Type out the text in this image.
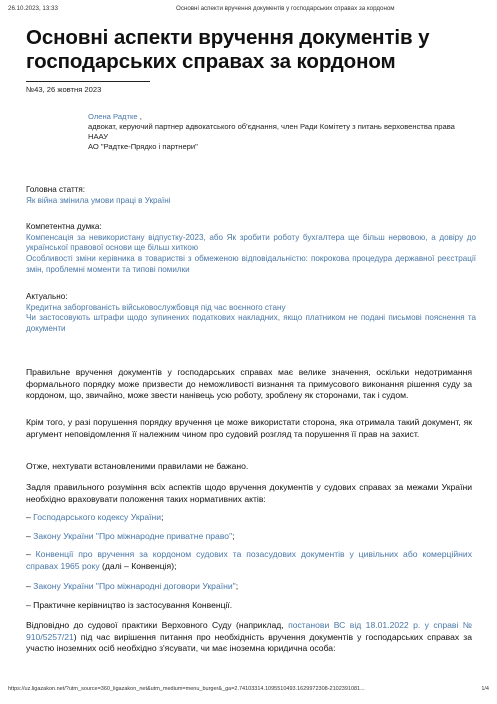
26.10.2023, 13:33	Основні аспекти вручення документів у господарських справах за кордоном
Основні аспекти вручення документів у господарських справах за кордоном
№43, 26 жовтня 2023
Олена Радтке ,
адвокат, керуючий партнер адвокатського об'єднання, член Ради Комітету з питань верховенства права НААУ
АО "Радтке-Прядко і партнери"
Головна стаття:
Як війна змінила умови праці в Україні
Компетентна думка:
Компенсація за невикористану відпустку-2023, або Як зробити роботу бухгалтера ще більш нервовою, а довіру до української правової основи ще більш хиткою
Особливості зміни керівника в товаристві з обмеженою відповідальністю: покрокова процедура державної реєстрації змін, проблемні моменти та типові помилки
Актуально:
Кредитна заборгованість військовослужбовця під час воєнного стану
Чи застосовують штрафи щодо зупинених податкових накладних, якщо платником не подані письмові пояснення та документи

Правильне вручення документів у господарських справах має велике значення, оскільки недотримання формального порядку може призвести до неможливості визнання та примусового виконання рішення суду за кордоном, що, звичайно, може звести нанівець усю роботу, зроблену як сторонами, так і судом.

Крім того, у разі порушення порядку вручення це може використати сторона, яка отримала такий документ, як аргумент неповідомлення її належним чином про судовий розгляд та порушення її прав на захист.

Отже, нехтувати встановленими правилами не бажано.

Задля правильного розуміння всіх аспектів щодо вручення документів у судових справах за межами України необхідно враховувати положення таких нормативних актів:

– Господарського кодексу України;

– Закону України "Про міжнародне приватне право";

– Конвенції про вручення за кордоном судових та позасудових документів у цивільних або комерційних справах 1965 року (далі – Конвенція);

– Закону України "Про міжнародні договори України";

– Практичне керівництво із застосування Конвенції.

Відповідно до судової практики Верховного Суду (наприклад, постанови ВС від 18.01.2022 р. у справі № 910/5257/21) під час вирішення питання про необхідність вручення документів у господарських справах за участю іноземних осіб необхідно з'ясувати, чи має іноземна юридична особа:

https://uz.ligazakon.net/?utm_source=360_ligazakon_net&utm_medium=menu_burger&_ga=2.74103314.1095510493.1629972308-2102391081...	1/4
